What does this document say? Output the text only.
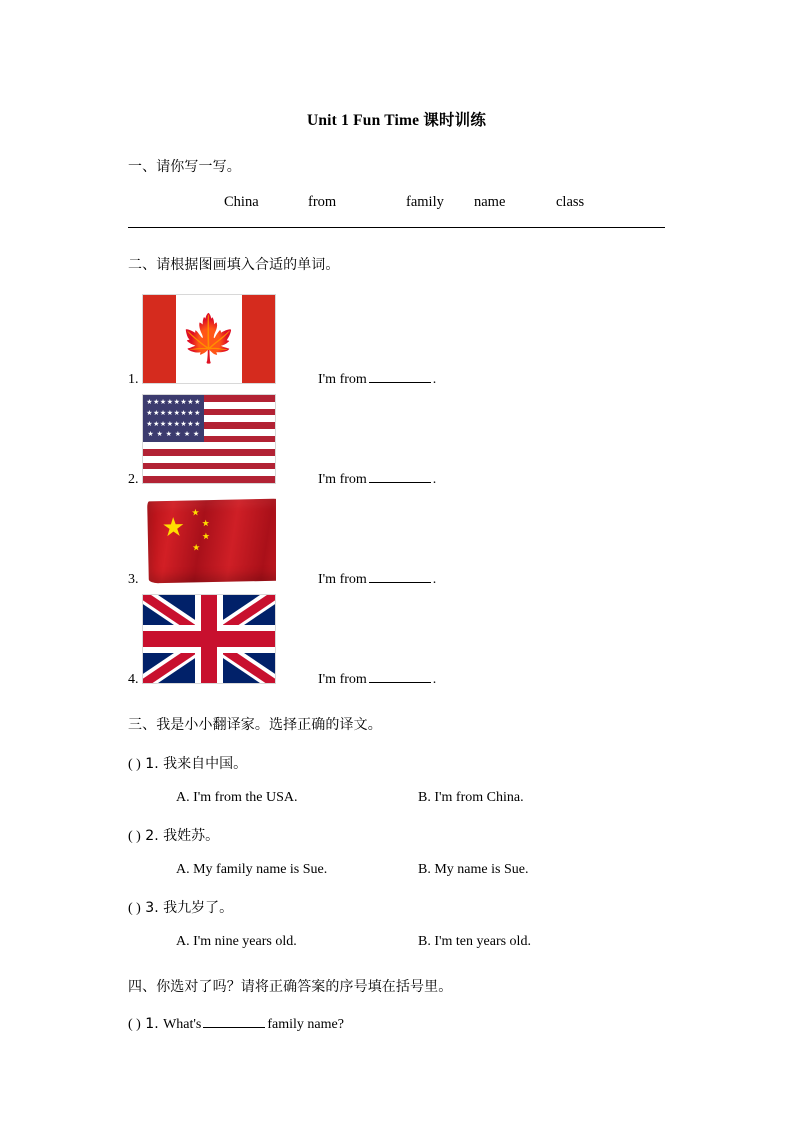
Unit 1 Fun Time 课时训练
一、请你写一写。
China	from	family	name	class
二、请根据图画填入合适的单词。
1.
🍁
I'm from	.
2.
★ ★ ★ ★ ★ ★ ★ ★
★ ★ ★ ★ ★ ★ ★ ★
★ ★ ★ ★ ★ ★ ★ ★
★ ★ ★ ★ ★ ★
I'm from	.
3.
★
★
★
★
★
I'm from	.
4.	I'm from	.
三、我是小小翻译家。选择正确的译文。
( ) 1. 我来自中国。
A. I'm from the USA.	B. I'm from China.
( ) 2. 我姓苏。
A. My family name is Sue.	B. My name is Sue.
( ) 3. 我九岁了。
A. I'm nine years old.	B. I'm ten years old.
四、你选对了吗？请将正确答案的序号填在括号里。
( ) 1. What's	family name?
